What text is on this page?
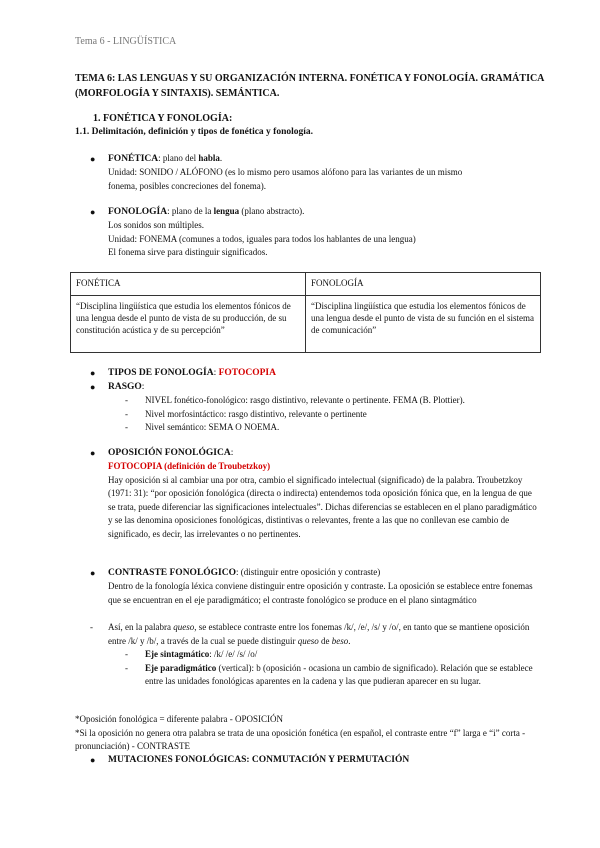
Tema 6 - LINGÜÍSTICA
TEMA 6: LAS LENGUAS Y SU ORGANIZACIÓN INTERNA. FONÉTICA Y FONOLOGÍA. GRAMÁTICA (MORFOLOGÍA Y SINTAXIS). SEMÁNTICA.
1. FONÉTICA Y FONOLOGÍA:
1.1. Delimitación, definición y tipos de fonética y fonología.
● FONÉTICA: plano del habla.
Unidad: SONIDO / ALÓFONO (es lo mismo pero usamos alófono para las variantes de un mismo
fonema, posibles concreciones del fonema).
● FONOLOGÍA: plano de la lengua (plano abstracto).
Los sonidos son múltiples.
Unidad: FONEMA (comunes a todos, iguales para todos los hablantes de una lengua)
El fonema sirve para distinguir significados.
FONÉTICA	FONOLOGÍA
“Disciplina lingüística que estudia los elementos fónicos de una lengua desde el punto de vista de su producción, de su constitución acústica y de su percepción”	“Disciplina lingüística que estudia los elementos fónicos de una lengua desde el punto de vista de su función en el sistema de comunicación”
● TIPOS DE FONOLOGÍA: FOTOCOPIA
● RASGO:
- NIVEL fonético-fonológico: rasgo distintivo, relevante o pertinente. FEMA (B. Plottier).
- Nivel morfosintáctico: rasgo distintivo, relevante o pertinente
- Nivel semántico: SEMA O NOEMA.
● OPOSICIÓN FONOLÓGICA:
FOTOCOPIA (definición de Troubetzkoy)
Hay oposición si al cambiar una por otra, cambio el significado intelectual (significado) de la palabra. Troubetzkoy (1971: 31): “por oposición fonológica (directa o indirecta) entendemos toda oposición fónica que, en la lengua de que se trata, puede diferenciar las significaciones intelectuales”. Dichas diferencias se establecen en el plano paradigmático y se las denomina oposiciones fonológicas, distintivas o relevantes, frente a las que no conllevan ese cambio de significado, es decir, las irrelevantes o no pertinentes.
● CONTRASTE FONOLÓGICO: (distinguir entre oposición y contraste)
Dentro de la fonología léxica conviene distinguir entre oposición y contraste. La oposición se establece entre fonemas que se encuentran en el eje paradigmático; el contraste fonológico se produce en el plano sintagmático
- Así, en la palabra queso, se establece contraste entre los fonemas /k/, /e/, /s/ y /o/, en tanto que se mantiene oposición entre /k/ y /b/, a través de la cual se puede distinguir queso de beso.
- Eje sintagmático: /k/ /e/ /s/ /o/
- Eje paradigmático (vertical): b (oposición - ocasiona un cambio de significado). Relación que se establece entre las unidades fonológicas aparentes en la cadena y las que pudieran aparecer en su lugar.
*Oposición fonológica = diferente palabra - OPOSICIÓN
*Si la oposición no genera otra palabra se trata de una oposición fonética (en español, el contraste entre “f” larga e “i” corta - pronunciación) - CONTRASTE
● MUTACIONES FONOLÓGICAS: CONMUTACIÓN Y PERMUTACIÓN
